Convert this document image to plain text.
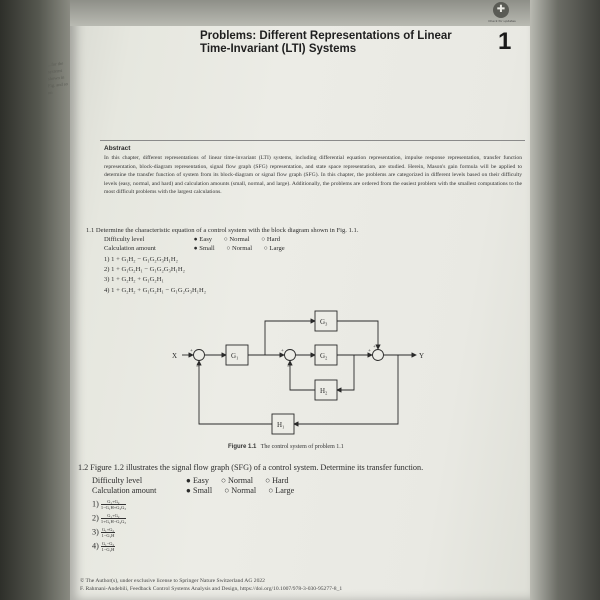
...for the systems shown in Fig. and so on
✚
Check for updates
Problems: Different Representations of Linear
Time-Invariant (LTI) Systems	1
Abstract
In this chapter, different representations of linear time-invariant (LTI) systems, including differential equation representation, impulse response representation, transfer function representation, block-diagram representation, signal flow graph (SFG) representation, and state space representation, are studied. Herein, Mason's gain formula will be applied to determine the transfer function of system from its block-diagram or signal flow graph (SFG). In this chapter, the problems are categorized in different levels based on their difficulty levels (easy, normal, and hard) and calculation amounts (small, normal, and large). Additionally, the problems are ordered from the easiest problem with the smallest computations to the most difficult problems with the largest calculations.
1.1 Determine the characteristic equation of a control system with the block diagram shown in Fig. 1.1.
Difficulty level	● Easy ○ Normal ○ Hard
Calculation amount	● Small ○ Normal ○ Large
1) 1 + G₁H₂ − G₁G₂G₃H₁H₂
2) 1 + G₁G₂H₁ − G₁G₂G₃H₁H₂
3) 1 + G₂H₂ + G₁G₂H₁
4) 1 + G₂H₂ + G₁G₂H₁ − G₁G₂G₃H₁H₂
X	Y
G₁	G₂
G₃
H₁
H₂
+
−
+
−
+
+
Figure 1.1 The control system of problem 1.1
1.2 Figure 1.2 illustrates the signal flow graph (SFG) of a control system. Determine its transfer function.
Difficulty level	● Easy ○ Normal ○ Hard
Calculation amount	● Small ○ Normal ○ Large
$1) \frac{\text{G₁+G₂}}{\text{1−G₁H+G₂G₃}}$
$2) \frac{\text{G₁+G₂}}{\text{1+G₁H−G₂G₃}}$
$3) \frac{\text{G₁+G₂}}{\text{1−G₁H}}$
$4) \frac{\text{G₁−G₂}}{\text{1−G₁H}}$
© The Author(s), under exclusive license to Springer Nature Switzerland AG 2022
F. Rahmani-Andebili, Feedback Control Systems Analysis and Design, https://doi.org/10.1007/978-3-030-95277-8_1
